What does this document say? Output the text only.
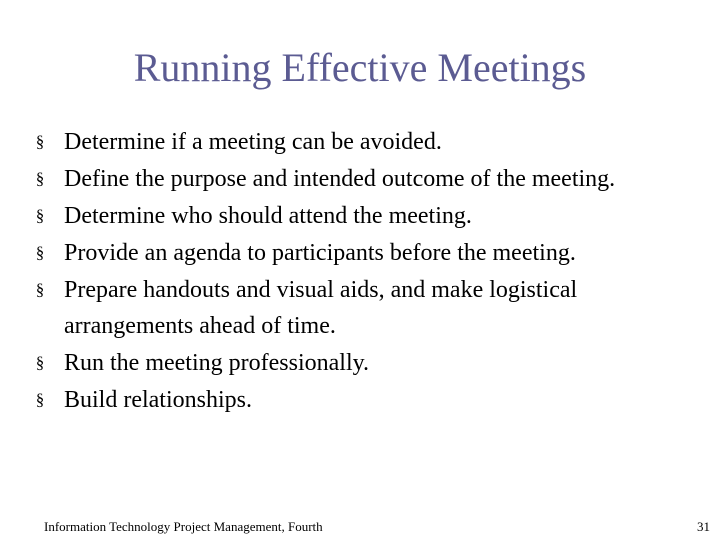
Running Effective Meetings
§ Determine if a meeting can be avoided.
§ Define the purpose and intended outcome of the meeting.
§ Determine who should attend the meeting.
§ Provide an agenda to participants before the meeting.
§ Prepare handouts and visual aids, and make logistical arrangements ahead of time.
§ Run the meeting professionally.
§ Build relationships.
Information Technology Project Management, Fourth	31
